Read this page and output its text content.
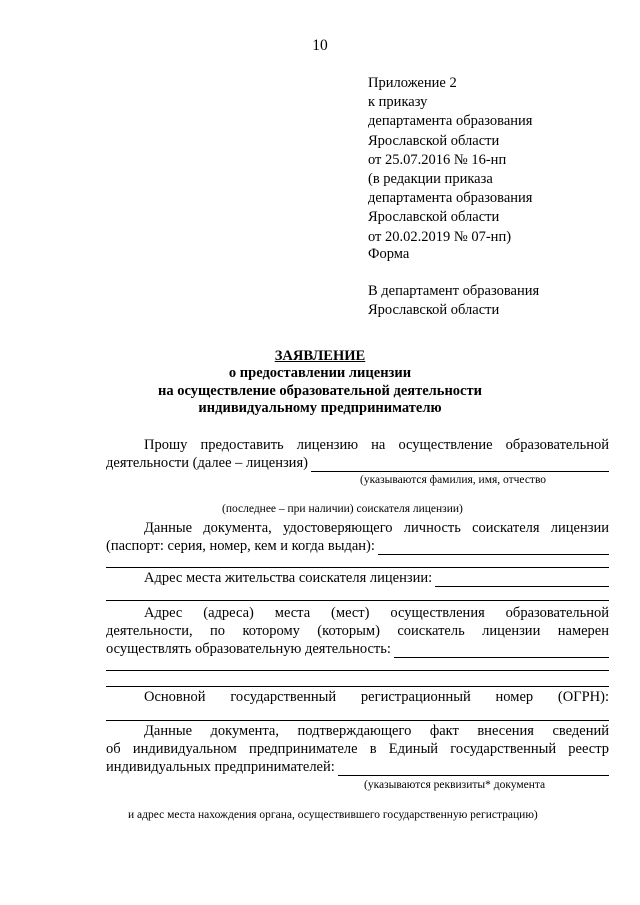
10
Приложение 2
к приказу
департамента образования
Ярославской области
от 25.07.2016 № 16-нп
(в редакции приказа
департамента образования
Ярославской области
от 20.02.2019 № 07-нп)
Форма
В департамент образования
Ярославской области
ЗАЯВЛЕНИЕ
о предоставлении лицензии
на осуществление образовательной деятельности
индивидуальному предпринимателю
Прошу предоставить лицензию на осуществление образовательной
деятельности (далее – лицензия)
(указываются фамилия, имя, отчество
(последнее – при наличии) соискателя лицензии)
Данные документа, удостоверяющего личность соискателя лицензии
(паспорт: серия, номер, кем и когда выдан):
Адрес места жительства соискателя лицензии:
Адрес (адреса) места (мест) осуществления образовательной
деятельности, по которому (которым) соискатель лицензии намерен
осуществлять образовательную деятельность:
Основной государственный регистрационный номер (ОГРН):
Данные документа, подтверждающего факт внесения сведений
об индивидуальном предпринимателе в Единый государственный реестр
индивидуальных предпринимателей:
(указываются реквизиты* документа
и адрес места нахождения органа, осуществившего государственную регистрацию)
